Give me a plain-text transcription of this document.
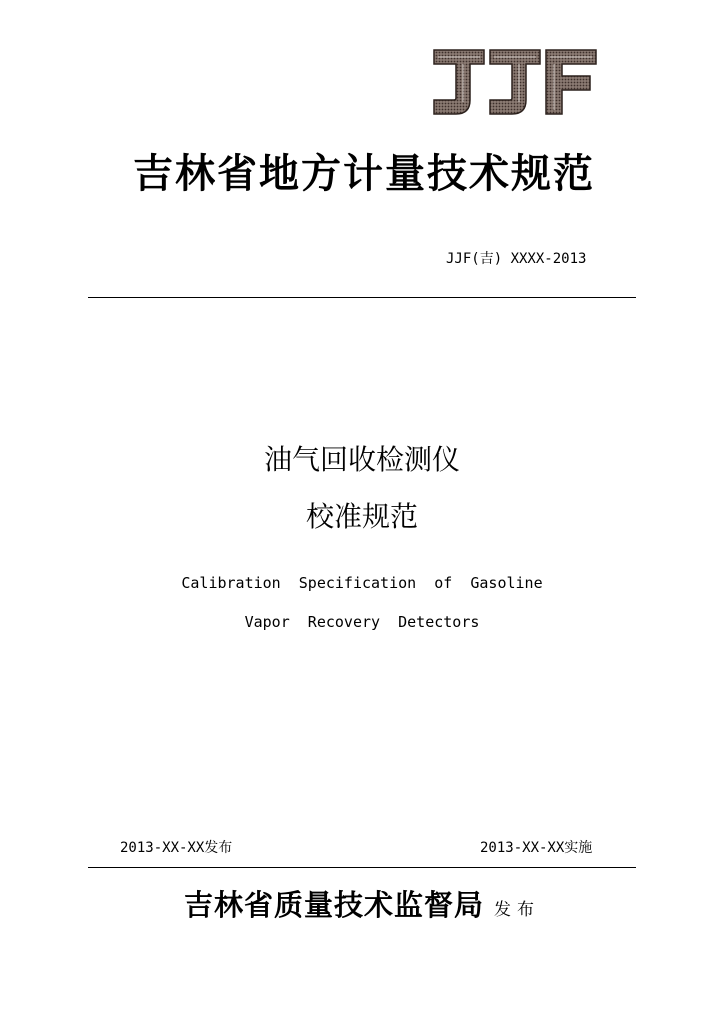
JJF
吉林省地方计量技术规范
JJF(吉) XXXX-2013
油气回收检测仪
校准规范
Calibration  Specification  of  Gasoline
Vapor  Recovery  Detectors
2013-XX-XX发布	2013-XX-XX实施
吉林省质量技术监督局 发布
